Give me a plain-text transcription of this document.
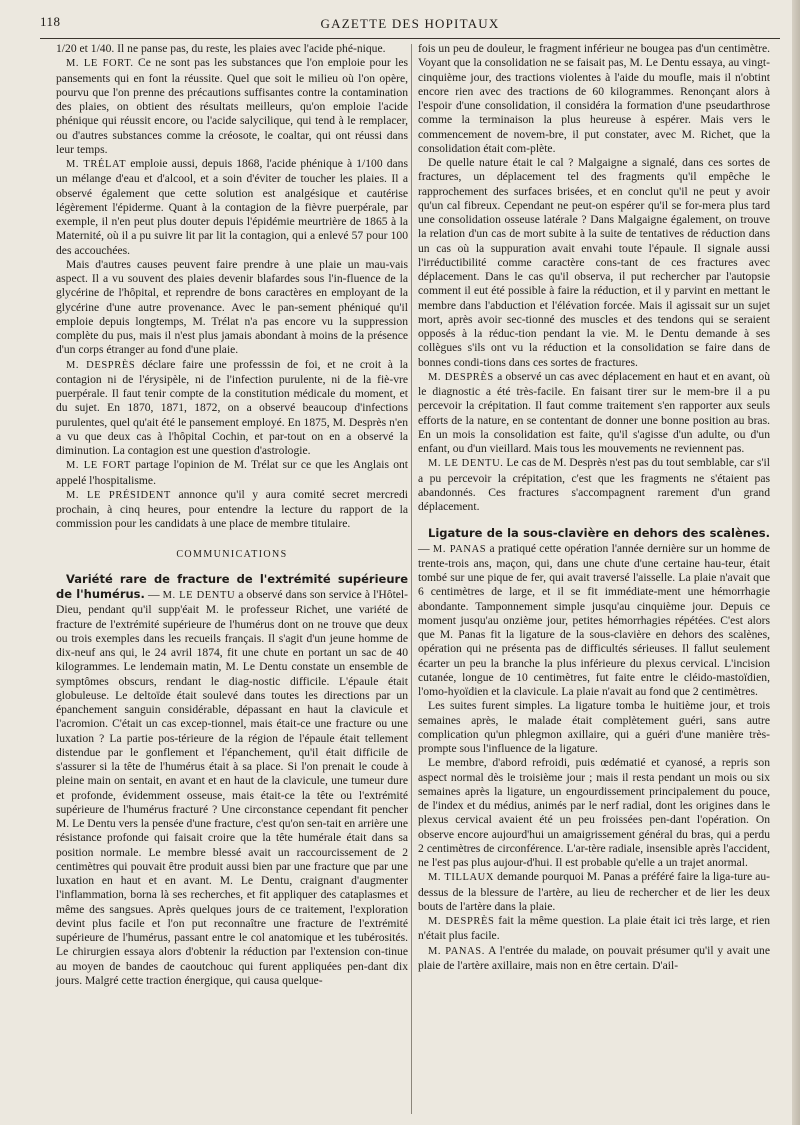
118	GAZETTE DES HOPITAUX

1/20 et 1/40. Il ne panse pas, du reste, les plaies avec l'acide phé-nique.

M. LE FORT. Ce ne sont pas les substances que l'on emploie pour les pansements qui en font la réussite. Quel que soit le milieu où l'on opère, pourvu que l'on prenne des précautions suffisantes contre la contamination des plaies, on obtient des résultats meilleurs, qu'on emploie l'acide phénique qui réussit encore, ou l'acide salycilique, qui tend à le remplacer, ou d'autres substances comme la créosote, le coaltar, qui ont réussi dans leur temps.

M. TRÉLAT emploie aussi, depuis 1868, l'acide phénique à 1/100 dans un mélange d'eau et d'alcool, et a soin d'éviter de toucher les plaies. Il a observé également que cette solution est analgésique et cautérise légèrement l'épiderme. Quant à la contagion de la fièvre puerpérale, par exemple, il n'en peut plus douter depuis l'épidémie meurtrière de 1865 à la Maternité, où il a pu suivre lit par lit la contagion, qui a enlevé 57 pour 100 des accouchées.

Mais d'autres causes peuvent faire prendre à une plaie un mau-vais aspect. Il a vu souvent des plaies devenir blafardes sous l'in-fluence de la glycérine de l'hôpital, et reprendre de bons caractères en employant de la glycérine d'une autre provenance. Avec le pan-sement phéniqué qu'il emploie depuis longtemps, M. Trélat n'a pas encore vu la suppression complète du pus, mais il n'est plus jamais abondant à moins de la présence d'un corps étranger au fond d'une plaie.

M. DESPRÈS déclare faire une professsin de foi, et ne croit à la contagion ni de l'érysipèle, ni de l'infection purulente, ni de la fiè-vre puerpérale. Il faut tenir compte de la constitution médicale du moment, et du sujet. En 1870, 1871, 1872, on a observé beaucoup d'infections purulentes, quel qu'ait été le pansement employé. En 1875, M. Desprès n'en a vu que deux cas à l'hôpital Cochin, et par-tout on en a observé la diminution. La contagion est une question d'astrologie.

M. LE FORT partage l'opinion de M. Trélat sur ce que les Anglais ont appelé l'hospitalisme.

M. LE PRÉSIDENT annonce qu'il y aura comité secret mercredi prochain, à cinq heures, pour entendre la lecture du rapport de la commission pour les candidats à une place de membre titulaire.

COMMUNICATIONS

Variété rare de fracture de l'extrémité supérieure de l'humérus. — M. LE DENTU a observé dans son service à l'Hôtel-Dieu, pendant qu'il supp'éait M. le professeur Richet, une variété de fracture de l'extrémité supérieure de l'humérus dont on ne trouve que deux ou trois exemples dans les recueils français. Il s'agit d'un jeune homme de dix-neuf ans qui, le 24 avril 1874, fit une chute en portant un sac de 40 kilogrammes. Le lendemain matin, M. Le Dentu constate un ensemble de symptômes obscurs, rendant le diag-nostic difficile. L'épaule était globuleuse. Le deltoïde était soulevé dans toutes les directions par un épanchement sanguin considérable, dépassant en haut la clavicule et l'acromion. C'était un cas excep-tionnel, mais était-ce une fracture ou une luxation ? La partie pos-térieure de la région de l'épaule était tellement distendue par le gonflement et l'épanchement, qu'il était difficile de s'assurer si la tête de l'humérus était à sa place. Si l'on prenait le coude à pleine main on sentait, en avant et en haut de la clavicule, une tumeur dure et profonde, évidemment osseuse, mais était-ce la tête ou l'extrémité supérieure de l'humérus fracturé ? Une circonstance cependant fit pencher M. Le Dentu vers la pensée d'une fracture, c'est qu'on sen-tait en arrière une résistance profonde qui faisait croire que la tête humérale était dans sa position normale. Le membre blessé avait un raccourcissement de 2 centimètres qui pouvait être produit aussi bien par une fracture que par une luxation en haut et en avant. M. Le Dentu, craignant d'augmenter l'inflammation, borna là ses recherches, et fit appliquer des cataplasmes et même des sangsues. Après quelques jours de ce traitement, l'exploration devint plus facile et l'on put reconnaître une fracture de l'extrémité supérieure de l'humérus, passant entre le col anatomique et les tubérosités. Le chirurgien essaya alors d'obtenir la réduction par l'extension con-tinue au moyen de bandes de caoutchouc qui furent appliquées pen-dant dix jours. Malgré cette traction énergique, qui causa quelque-

fois un peu de douleur, le fragment inférieur ne bougea pas d'un centimètre. Voyant que la consolidation ne se faisait pas, M. Le Dentu essaya, au vingt-cinquième jour, des tractions violentes à l'aide du moufle, mais il n'obtint encore rien avec des tractions de 60 kilogrammes. Renonçant alors à l'espoir d'une consolidation, il considéra la formation d'une pseudarthrose comme la terminaison la plus heureuse à espérer. Mais vers le commencement de novem-bre, il put constater, avec M. Richet, que la consolidation était com-plète.

De quelle nature était le cal ? Malgaigne a signalé, dans ces sortes de fractures, un déplacement tel des fragments qu'il empêche le rapprochement des surfaces brisées, et en conclut qu'il ne peut y avoir qu'un cal fibreux. Cependant ne peut-on espérer qu'il se for-mera plus tard une consolidation osseuse latérale ? Dans Malgaigne également, on trouve la relation d'un cas de mort subite à la suite de tentatives de réduction dans un cas où la suppuration avait envahi toute l'épaule. Il signale aussi l'irréductibilité comme caractère cons-tant de ces fractures avec déplacement. Dans le cas qu'il observa, il put rechercher par l'autopsie comment il eut été possible à faire la réduction, et il y parvint en mettant le membre dans l'abduction et l'élévation forcée. Mais il agissait sur un sujet mort, après avoir sec-tionné des muscles et des tendons qui se seraient opposés à la réduc-tion pendant la vie. M. le Dentu demande à ses collègues s'ils ont vu la réduction et la consolidation se faire dans de bonnes condi-tions dans ces sortes de fractures.

M. DESPRÈS a observé un cas avec déplacement en haut et en avant, où le diagnostic a été très-facile. En faisant tirer sur le mem-bre il a pu percevoir la crépitation. Il faut comme traitement s'en rapporter aux seuls efforts de la nature, en se contentant de donner une bonne position au bras. En un mois la consolidation est faite, qu'il s'agisse d'un adulte, ou d'un enfant, ou d'un vieillard. Mais tous les mouvements ne reviennent pas.

M. LE DENTU. Le cas de M. Desprès n'est pas du tout semblable, car s'il a pu percevoir la crépitation, c'est que les fragments ne s'étaient pas abandonnés. Ces fractures s'accompagnent rarement d'un grand déplacement.

Ligature de la sous-clavière en dehors des scalènes. — M. PANAS a pratiqué cette opération l'année dernière sur un homme de trente-trois ans, maçon, qui, dans une chute d'une certaine hau-teur, était tombé sur une pique de fer, qui avait traversé l'aisselle. La plaie n'avait que 6 centimètres de large, et il se fit immédiate-ment une hémorrhagie abondante. Tamponnement simple jusqu'au cinquième jour. Depuis ce moment jusqu'au onzième jour, petites hémorrhagies répétées. C'est alors que M. Panas fit la ligature de la sous-clavière en dehors des scalènes, opération qui ne présenta pas de difficultés sérieuses. Il fallut seulement écarter un peu la branche la plus inférieure du plexus cervical. L'incision cutanée, longue de 10 centimètres, fut faite entre le cléido-mastoïdien, l'omo-hyoïdien et la clavicule. La plaie n'avait au fond que 2 centimètres.

Les suites furent simples. La ligature tomba le huitième jour, et trois semaines après, le malade était complètement guéri, sans autre complication qu'un phlegmon axillaire, qui a guéri d'une manière très-prompte sous l'influence de la ligature.

Le membre, d'abord refroidi, puis œdématié et cyanosé, a repris son aspect normal dès le troisième jour ; mais il resta pendant un mois ou six semaines après la ligature, un engourdissement principalement du pouce, de l'index et du médius, animés par le nerf radial, dont les origines dans le plexus cervical avaient été un peu froissées pen-dant l'opération. On observe encore aujourd'hui un amaigrissement général du bras, qui a perdu 2 centimètres de circonférence. L'ar-tère radiale, insensible après l'accident, ne l'est pas plus aujour-d'hui. Il est probable qu'elle a un trajet anormal.

M. TILLAUX demande pourquoi M. Panas a préféré faire la liga-ture au-dessus de la blessure de l'artère, au lieu de rechercher et de lier les deux bouts de l'artère dans la plaie.

M. DESPRÈS fait la même question. La plaie était ici très large, et rien n'était plus facile.

M. PANAS. A l'entrée du malade, on pouvait présumer qu'il y avait une plaie de l'artère axillaire, mais non en être certain. D'ail-
